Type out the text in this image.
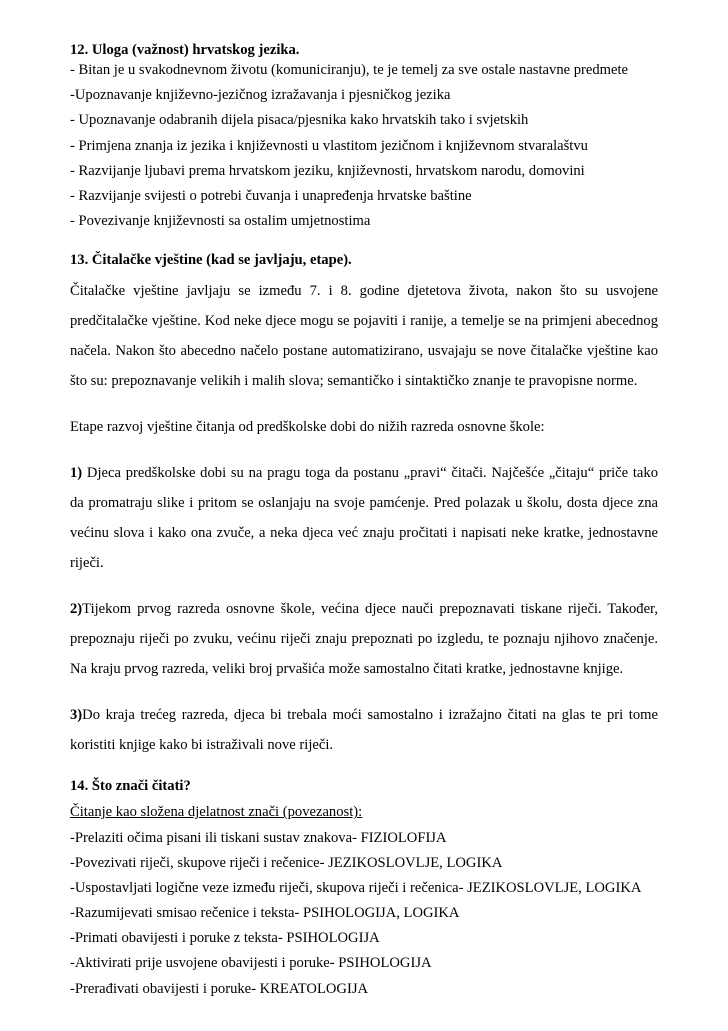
12. Uloga (važnost) hrvatskog jezika.

- Bitan je u svakodnevnom životu (komuniciranju), te je temelj za sve ostale nastavne predmete

-Upoznavanje književno-jezičnog izražavanja i pjesničkog jezika

- Upoznavanje odabranih dijela pisaca/pjesnika kako hrvatskih tako i svjetskih

- Primjena znanja iz jezika i književnosti u vlastitom jezičnom i književnom stvaralaštvu

- Razvijanje ljubavi prema hrvatskom jeziku, književnosti, hrvatskom narodu, domovini

- Razvijanje svijesti o potrebi čuvanja i unapređenja hrvatske baštine

- Povezivanje književnosti sa ostalim umjetnostima

13. Čitalačke vještine (kad se javljaju, etape).

Čitalačke vještine javljaju se između 7. i 8. godine djetetova života, nakon što su usvojene predčitalačke vještine. Kod neke djece mogu se pojaviti i ranije, a temelje se na primjeni abecednog načela. Nakon što abecedno načelo postane automatizirano, usvajaju se nove čitalačke vještine kao što su: prepoznavanje velikih i malih slova; semantičko i sintaktičko znanje te pravopisne norme.

Etape razvoj vještine čitanja od predškolske dobi do nižih razreda osnovne škole:

1) Djeca predškolske dobi su na pragu toga da postanu „pravi“ čitači. Najčešće „čitaju“ priče tako da promatraju slike i pritom se oslanjaju na svoje pamćenje. Pred polazak u školu, dosta djece zna većinu slova i kako ona zvuče, a neka djeca već znaju pročitati i napisati neke kratke, jednostavne riječi.

2)Tijekom prvog razreda osnovne škole, većina djece nauči prepoznavati tiskane riječi. Također, prepoznaju riječi po zvuku, većinu riječi znaju prepoznati po izgledu, te poznaju njihovo značenje. Na kraju prvog razreda, veliki broj prvašića može samostalno čitati kratke, jednostavne knjige.

3)Do kraja trećeg razreda, djeca bi trebala moći samostalno i izražajno čitati na glas te pri tome koristiti knjige kako bi istraživali nove riječi.

14. Što znači čitati?

Čitanje kao složena djelatnost znači (povezanost):

-Prelaziti očima pisani ili tiskani sustav znakova- FIZIOLOFIJA

-Povezivati riječi, skupove riječi i rečenice- JEZIKOSLOVLJE, LOGIKA

-Uspostavljati logične veze između riječi, skupova riječi i rečenica- JEZIKOSLOVLJE, LOGIKA

-Razumijevati smisao rečenice i teksta- PSIHOLOGIJA, LOGIKA

-Primati obavijesti i poruke z teksta- PSIHOLOGIJA

-Aktivirati prije usvojene obavijesti i poruke- PSIHOLOGIJA

-Prerađivati obavijesti i poruke- KREATOLOGIJA
